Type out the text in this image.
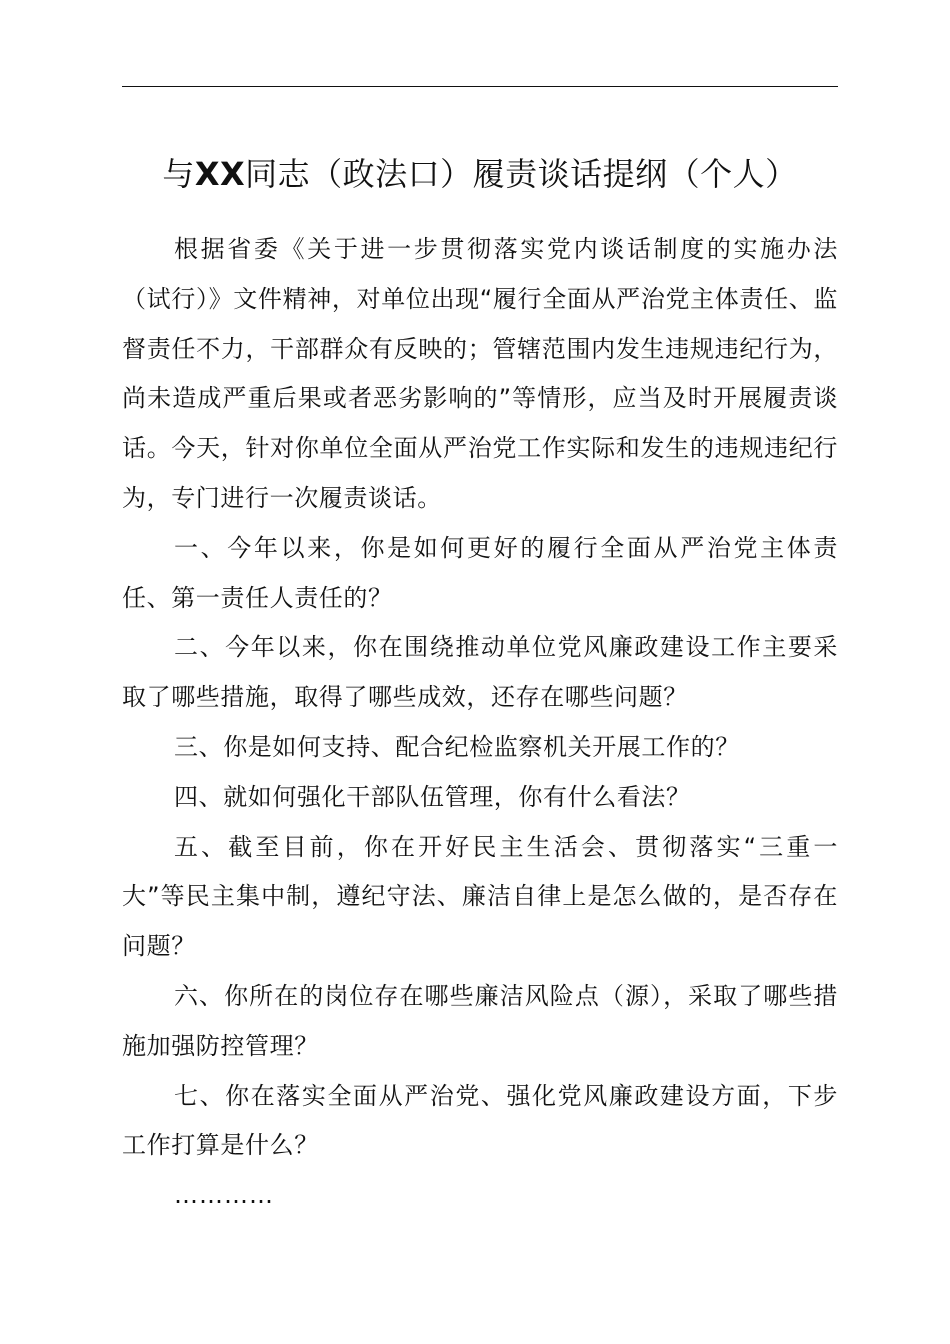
与XX同志（政法口）履责谈话提纲（个人）

根据省委《关于进一步贯彻落实党内谈话制度的实施办法（试行）》文件精神，对单位出现“履行全面从严治党主体责任、监督责任不力，干部群众有反映的；管辖范围内发生违规违纪行为，尚未造成严重后果或者恶劣影响的”等情形，应当及时开展履责谈话。今天，针对你单位全面从严治党工作实际和发生的违规违纪行为，专门进行一次履责谈话。

一、今年以来，你是如何更好的履行全面从严治党主体责任、第一责任人责任的？

二、今年以来，你在围绕推动单位党风廉政建设工作主要采取了哪些措施，取得了哪些成效，还存在哪些问题？

三、你是如何支持、配合纪检监察机关开展工作的？

四、就如何强化干部队伍管理，你有什么看法？

五、截至目前，你在开好民主生活会、贯彻落实“三重一大”等民主集中制，遵纪守法、廉洁自律上是怎么做的，是否存在问题？

六、你所在的岗位存在哪些廉洁风险点（源），采取了哪些措施加强防控管理？

七、你在落实全面从严治党、强化党风廉政建设方面，下步工作打算是什么？

…………
